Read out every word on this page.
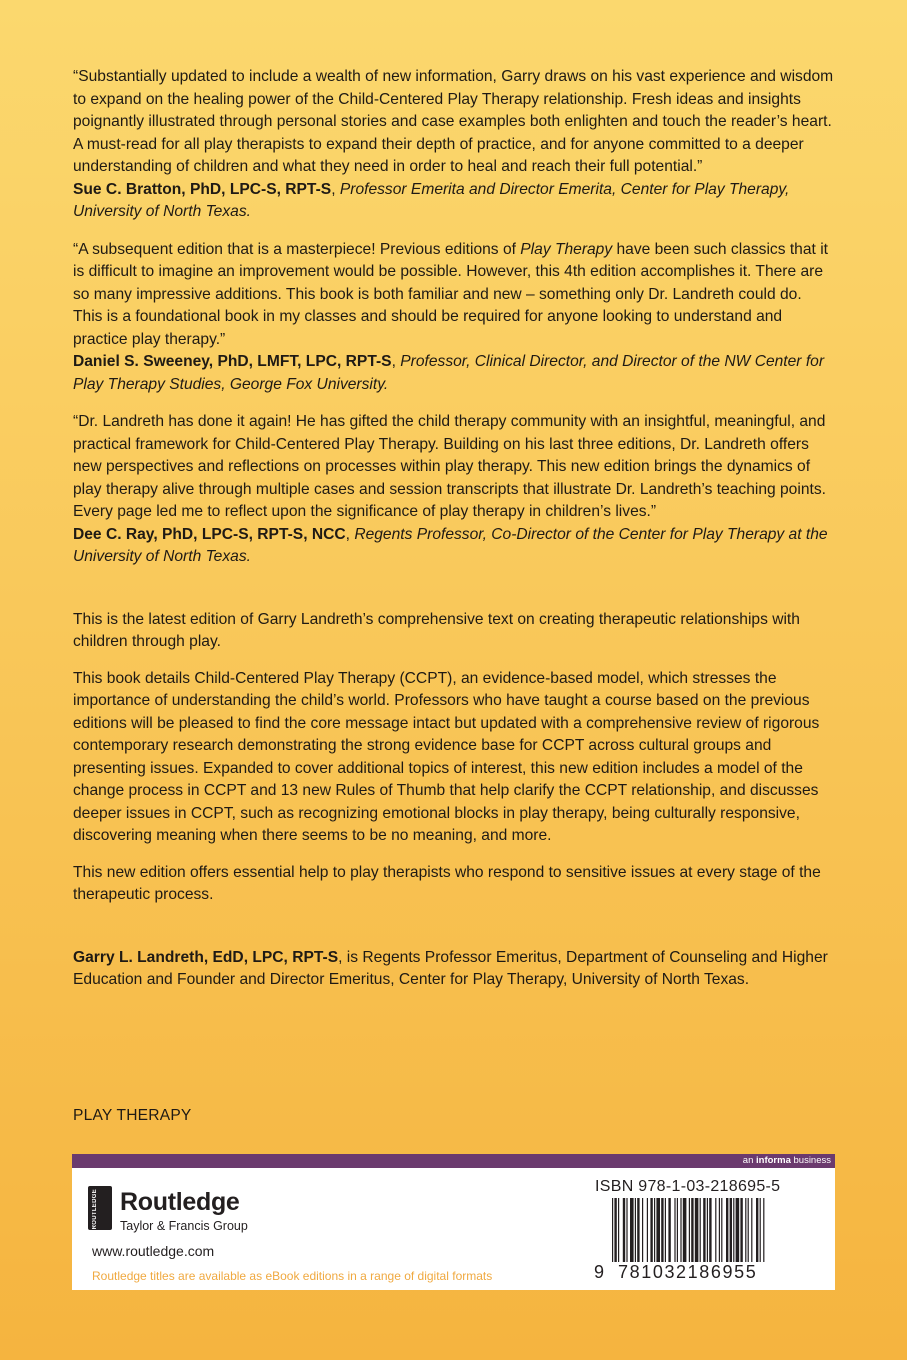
“Substantially updated to include a wealth of new information, Garry draws on his vast experience and wisdom to expand on the healing power of the Child-Centered Play Therapy relationship. Fresh ideas and insights poignantly illustrated through personal stories and case examples both enlighten and touch the reader’s heart. A must-read for all play therapists to expand their depth of practice, and for anyone committed to a deeper understanding of children and what they need in order to heal and reach their full potential.”

Sue C. Bratton, PhD, LPC-S, RPT-S, Professor Emerita and Director Emerita, Center for Play Therapy, University of North Texas.

“A subsequent edition that is a masterpiece! Previous editions of Play Therapy have been such classics that it is difficult to imagine an improvement would be possible. However, this 4th edition accomplishes it. There are so many impressive additions. This book is both familiar and new – something only Dr. Landreth could do. This is a foundational book in my classes and should be required for anyone looking to understand and practice play therapy.”

Daniel S. Sweeney, PhD, LMFT, LPC, RPT-S, Professor, Clinical Director, and Director of the NW Center for Play Therapy Studies, George Fox University.

“Dr. Landreth has done it again! He has gifted the child therapy community with an insightful, meaningful, and practical framework for Child-Centered Play Therapy. Building on his last three editions, Dr. Landreth offers new perspectives and reflections on processes within play therapy. This new edition brings the dynamics of play therapy alive through multiple cases and session transcripts that illustrate Dr. Landreth’s teaching points. Every page led me to reflect upon the significance of play therapy in children’s lives.”

Dee C. Ray, PhD, LPC-S, RPT-S, NCC, Regents Professor, Co-Director of the Center for Play Therapy at the University of North Texas.

This is the latest edition of Garry Landreth’s comprehensive text on creating therapeutic relationships with children through play.

This book details Child-Centered Play Therapy (CCPT), an evidence-based model, which stresses the importance of understanding the child’s world. Professors who have taught a course based on the previous editions will be pleased to find the core message intact but updated with a comprehensive review of rigorous contemporary research demonstrating the strong evidence base for CCPT across cultural groups and presenting issues. Expanded to cover additional topics of interest, this new edition includes a model of the change process in CCPT and 13 new Rules of Thumb that help clarify the CCPT relationship, and discusses deeper issues in CCPT, such as recognizing emotional blocks in play therapy, being culturally responsive, discovering meaning when there seems to be no meaning, and more.

This new edition offers essential help to play therapists who respond to sensitive issues at every stage of the therapeutic process.

Garry L. Landreth, EdD, LPC, RPT-S, is Regents Professor Emeritus, Department of Counseling and Higher Education and Founder and Director Emeritus, Center for Play Therapy, University of North Texas.

PLAY THERAPY
an informa business
ROUTLEDGE Routledge
Taylor & Francis Group
www.routledge.com
Routledge titles are available as eBook editions in a range of digital formats
ISBN 978-1-03-218695-5
9 781032186955
